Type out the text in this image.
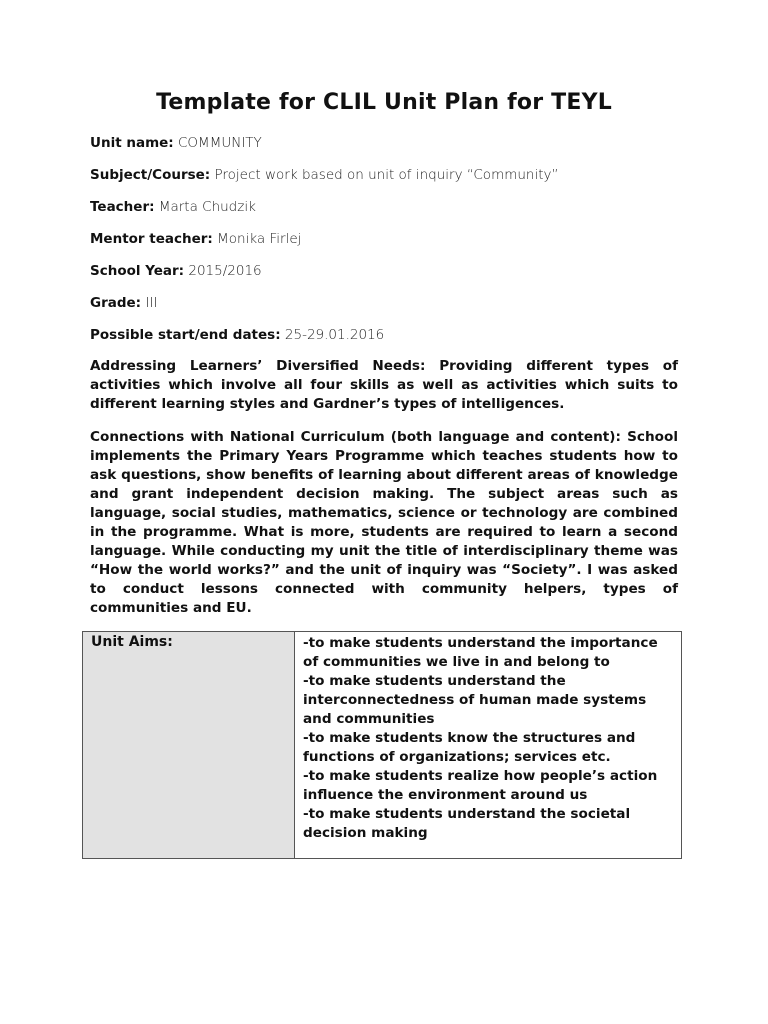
Template for CLIL Unit Plan for TEYL
Unit name: COMMUNITY
Subject/Course: Project work based on unit of inquiry “Community”
Teacher: Marta Chudzik
Mentor teacher: Monika Firlej
School Year: 2015/2016
Grade: III
Possible start/end dates: 25-29.01.2016
Addressing Learners’ Diversified Needs: Providing different types of activities which involve all four skills as well as activities which suits to different learning styles and Gardner’s types of intelligences.
Connections with National Curriculum (both language and content): School implements the Primary Years Programme which teaches students how to ask questions, show benefits of learning about different areas of knowledge and grant independent decision making. The subject areas such as language, social studies, mathematics, science or technology are combined in the programme. What is more, students are required to learn a second language. While conducting my unit the title of interdisciplinary theme was “How the world works?” and the unit of inquiry was “Society”. I was asked to conduct lessons connected with community helpers, types of communities and EU.
Unit Aims:	-to make students understand the importance of communities we live in and belong to
-to make students understand the interconnectedness of human made systems and communities
-to make students know the structures and functions of organizations; services etc.
-to make students realize how people’s action influence the environment around us
-to make students understand the societal decision making
